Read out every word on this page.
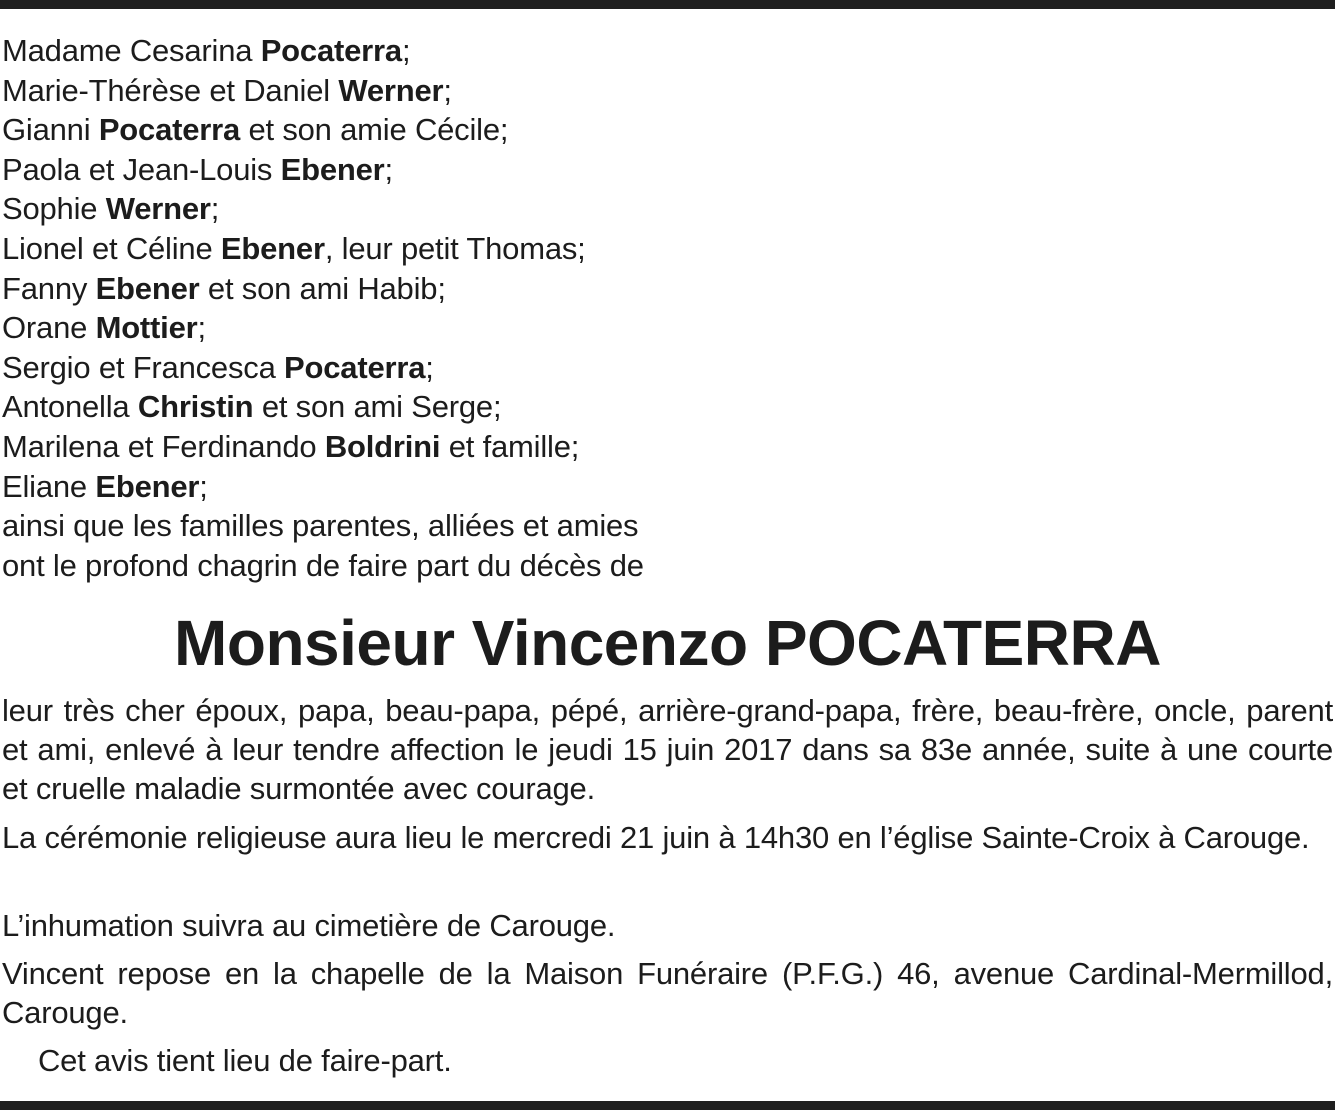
Madame Cesarina Pocaterra;
Marie-Thérèse et Daniel Werner;
Gianni Pocaterra et son amie Cécile;
Paola et Jean-Louis Ebener;
Sophie Werner;
Lionel et Céline Ebener, leur petit Thomas;
Fanny Ebener et son ami Habib;
Orane Mottier;
Sergio et Francesca Pocaterra;
Antonella Christin et son ami Serge;
Marilena et Ferdinando Boldrini et famille;
Eliane Ebener;
ainsi que les familles parentes, alliées et amies
ont le profond chagrin de faire part du décès de
Monsieur Vincenzo POCATERRA
leur très cher époux, papa, beau-papa, pépé, arrière-grand-papa, frère, beau-frère, oncle, parent et ami, enlevé à leur tendre affection le jeudi 15 juin 2017 dans sa 83e année, suite à une courte et cruelle maladie surmontée avec courage.
La cérémonie religieuse aura lieu le mercredi 21 juin à 14h30 en l’église Sainte-Croix à Carouge.
L’inhumation suivra au cimetière de Carouge.
Vincent repose en la chapelle de la Maison Funéraire (P.F.G.) 46, avenue Cardinal-Mermillod, Carouge.
Cet avis tient lieu de faire-part.
